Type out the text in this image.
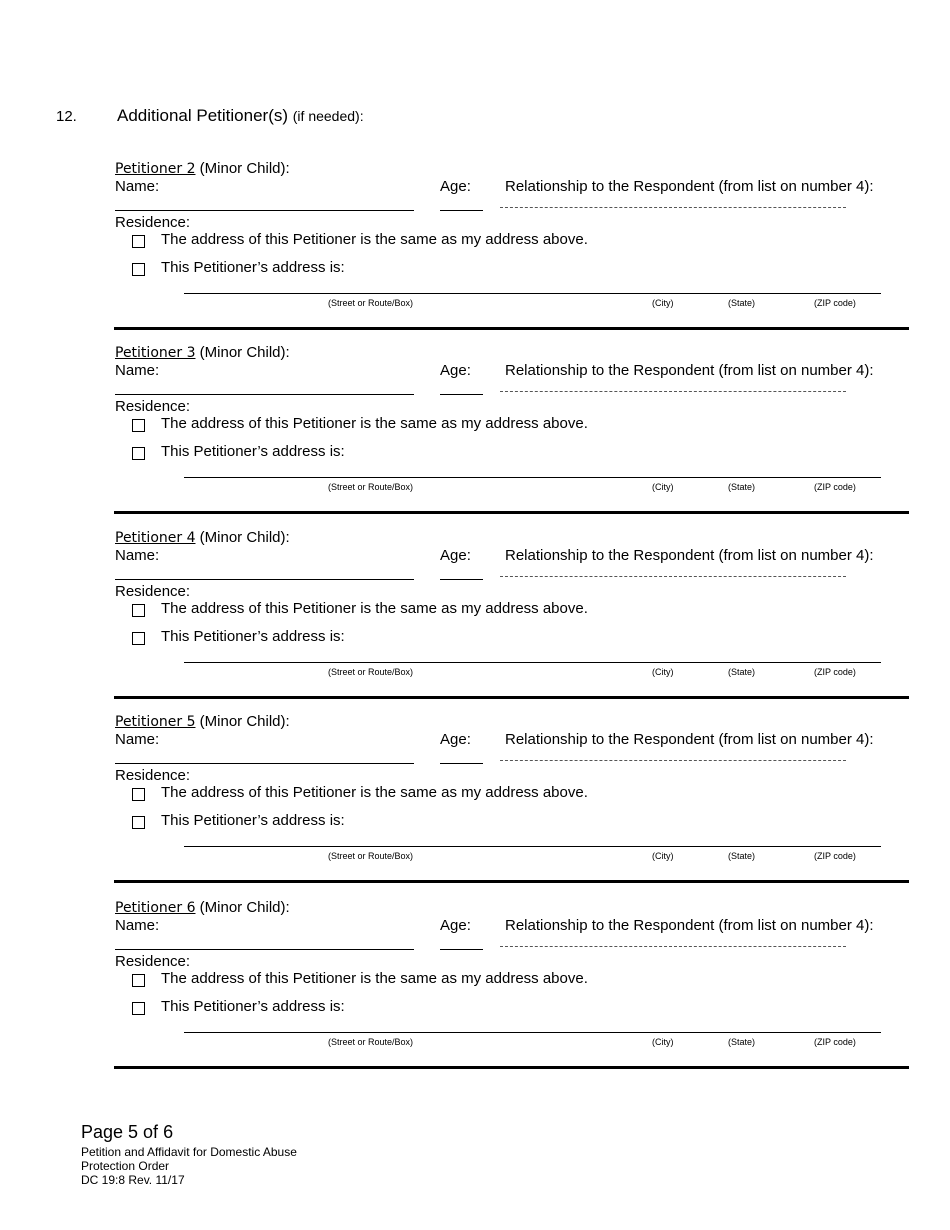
12. Additional Petitioner(s) (if needed):
Petitioner 2 (Minor Child):
Name:	Age: Relationship to the Respondent (from list on number 4):
Residence:
The address of this Petitioner is the same as my address above.
This Petitioner’s address is:
(Street or Route/Box)	(City)	(State)	(ZIP code)
Petitioner 3 (Minor Child):
Name:	Age: Relationship to the Respondent (from list on number 4):
Residence:
The address of this Petitioner is the same as my address above.
This Petitioner’s address is:
(Street or Route/Box)	(City)	(State)	(ZIP code)
Petitioner 4 (Minor Child):
Name:	Age: Relationship to the Respondent (from list on number 4):
Residence:
The address of this Petitioner is the same as my address above.
This Petitioner’s address is:
(Street or Route/Box)	(City)	(State)	(ZIP code)
Petitioner 5 (Minor Child):
Name:	Age: Relationship to the Respondent (from list on number 4):
Residence:
The address of this Petitioner is the same as my address above.
This Petitioner’s address is:
(Street or Route/Box)	(City)	(State)	(ZIP code)
Petitioner 6 (Minor Child):
Name:	Age: Relationship to the Respondent (from list on number 4):
Residence:
The address of this Petitioner is the same as my address above.
This Petitioner’s address is:
(Street or Route/Box)	(City)	(State)	(ZIP code)
Page 5 of 6
Petition and Affidavit for Domestic Abuse
Protection Order
DC 19:8 Rev. 11/17
